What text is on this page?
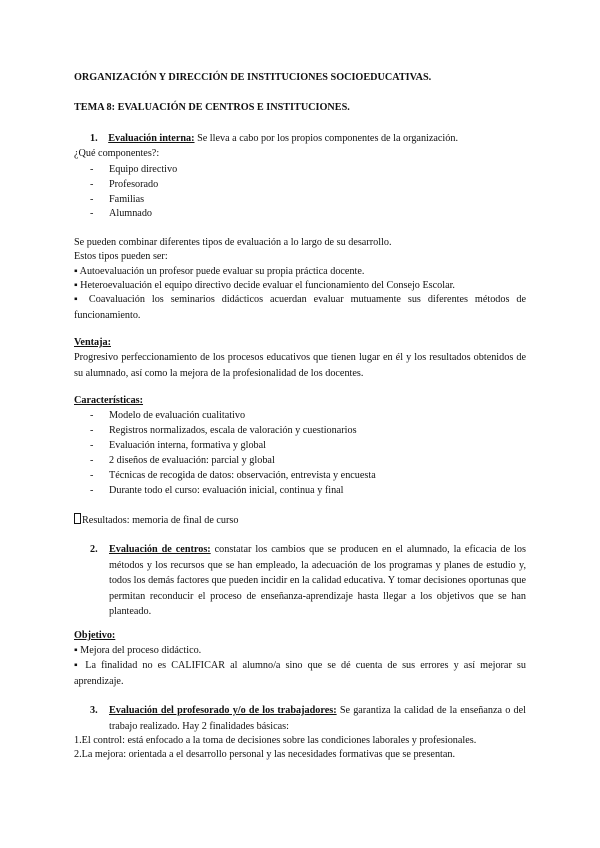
ORGANIZACIÓN Y DIRECCIÓN DE INSTITUCIONES SOCIOEDUCATIVAS.
TEMA 8: EVALUACIÓN DE CENTROS E INSTITUCIONES.
1. Evaluación interna: Se lleva a cabo por los propios componentes de la organización.
¿Qué componentes?:
- Equipo directivo
- Profesorado
- Familias
- Alumnado
Se pueden combinar diferentes tipos de evaluación a lo largo de su desarrollo.
Estos tipos pueden ser:
▪ Autoevaluación un profesor puede evaluar su propia práctica docente.
▪ Heteroevaluación el equipo directivo decide evaluar el funcionamiento del Consejo Escolar.
▪ Coavaluación los seminarios didácticos acuerdan evaluar mutuamente sus diferentes métodos de funcionamiento.
Ventaja:
Progresivo perfeccionamiento de los procesos educativos que tienen lugar en él y los resultados obtenidos de su alumnado, así como la mejora de la profesionalidad de los docentes.
Características:
- Modelo de evaluación cualitativo
- Registros normalizados, escala de valoración y cuestionarios
- Evaluación interna, formativa y global
- 2 diseños de evaluación: parcial y global
- Técnicas de recogida de datos: observación, entrevista y encuesta
- Durante todo el curso: evaluación inicial, continua y final
Resultados: memoria de final de curso
2. Evaluación de centros: constatar los cambios que se producen en el alumnado, la eficacia de los métodos y los recursos que se han empleado, la adecuación de los programas y planes de estudio y, todos los demás factores que pueden incidir en la calidad educativa. Y tomar decisiones oportunas que permitan reconducir el proceso de enseñanza-aprendizaje hasta llegar a los objetivos que se han planteado.
Objetivo:
▪ Mejora del proceso didáctico.
▪ La finalidad no es CALIFICAR al alumno/a sino que se dé cuenta de sus errores y así mejorar su aprendizaje.
3. Evaluación del profesorado y/o de los trabajadores: Se garantiza la calidad de la enseñanza o del trabajo realizado. Hay 2 finalidades básicas:
1.El control: está enfocado a la toma de decisiones sobre las condiciones laborales y profesionales.
2.La mejora: orientada a el desarrollo personal y las necesidades formativas que se presentan.
